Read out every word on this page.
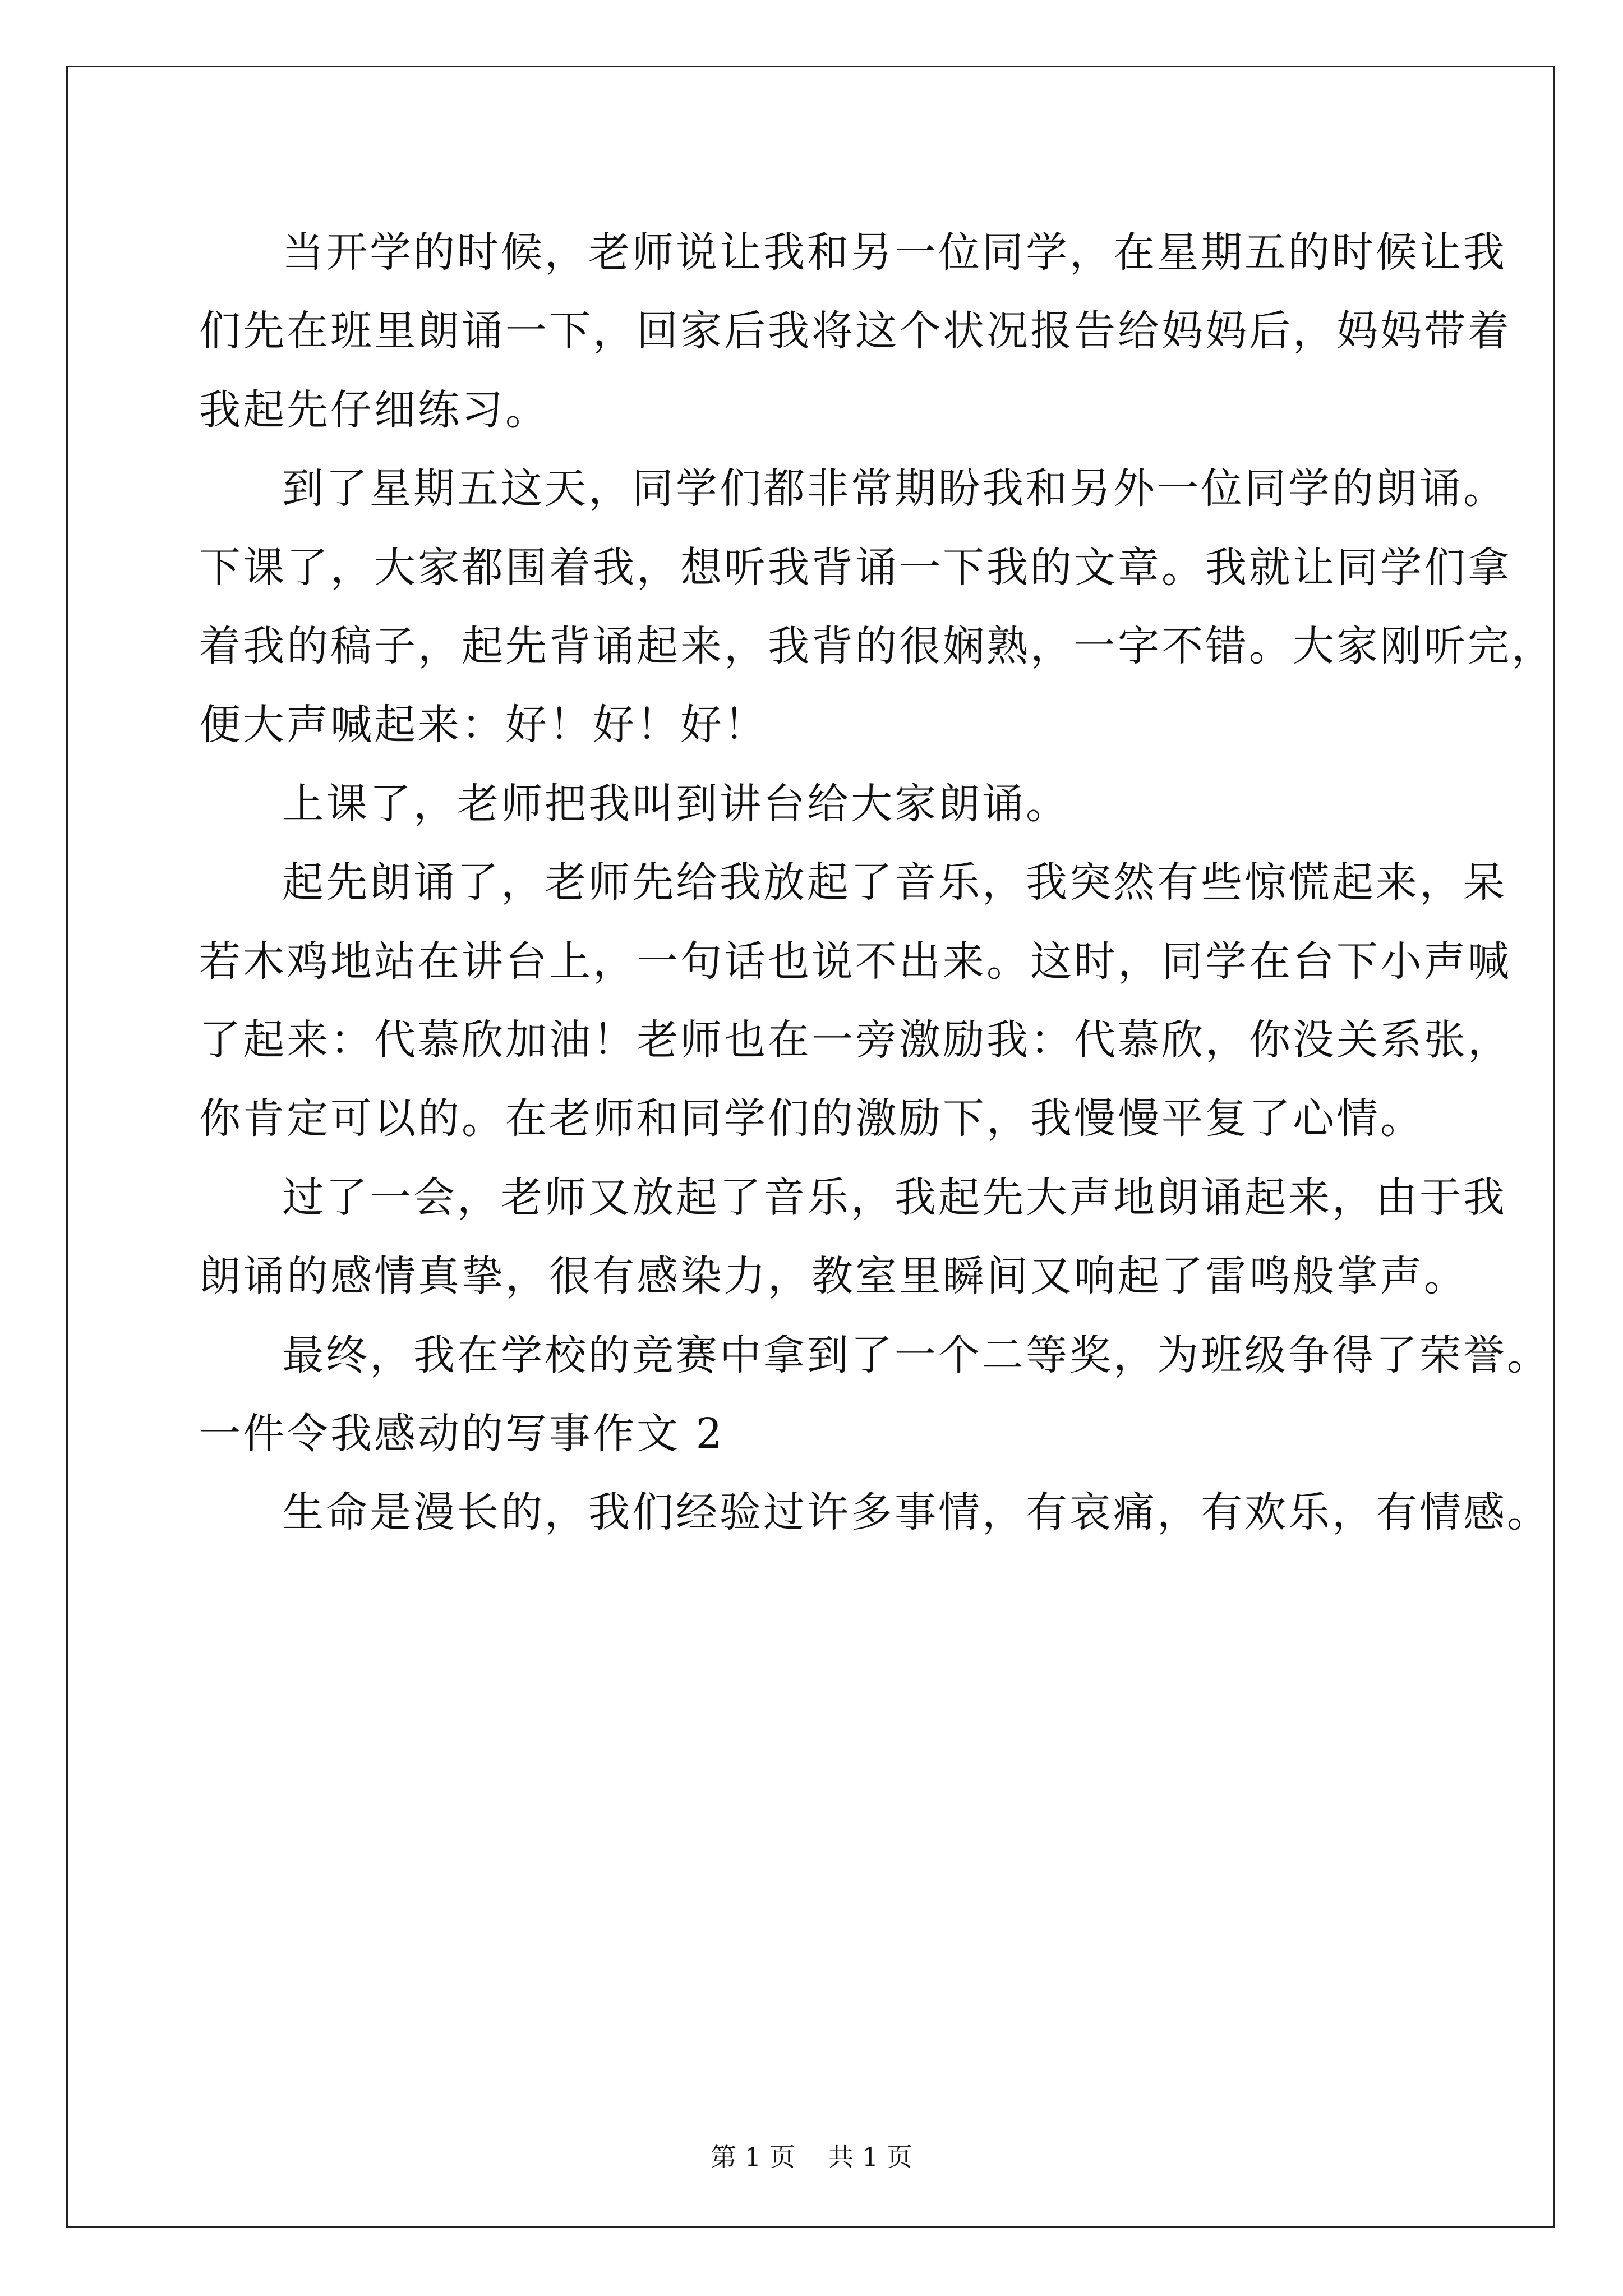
当开学的时候，老师说让我和另一位同学，在星期五的时候让我
们先在班里朗诵一下，回家后我将这个状况报告给妈妈后，妈妈带着
我起先仔细练习。
到了星期五这天，同学们都非常期盼我和另外一位同学的朗诵。
下课了，大家都围着我，想听我背诵一下我的文章。我就让同学们拿
着我的稿子，起先背诵起来，我背的很娴熟，一字不错。大家刚听完，
便大声喊起来：好！好！好！
上课了，老师把我叫到讲台给大家朗诵。
起先朗诵了，老师先给我放起了音乐，我突然有些惊慌起来，呆
若木鸡地站在讲台上，一句话也说不出来。这时，同学在台下小声喊
了起来：代慕欣加油！老师也在一旁激励我：代慕欣，你没关系张，
你肯定可以的。在老师和同学们的激励下，我慢慢平复了心情。
过了一会，老师又放起了音乐，我起先大声地朗诵起来，由于我
朗诵的感情真挚，很有感染力，教室里瞬间又响起了雷鸣般掌声。
最终，我在学校的竞赛中拿到了一个二等奖，为班级争得了荣誉。
一件令我感动的写事作文 2
生命是漫长的，我们经验过许多事情，有哀痛，有欢乐，有情感。
第 1 页    共 1 页
